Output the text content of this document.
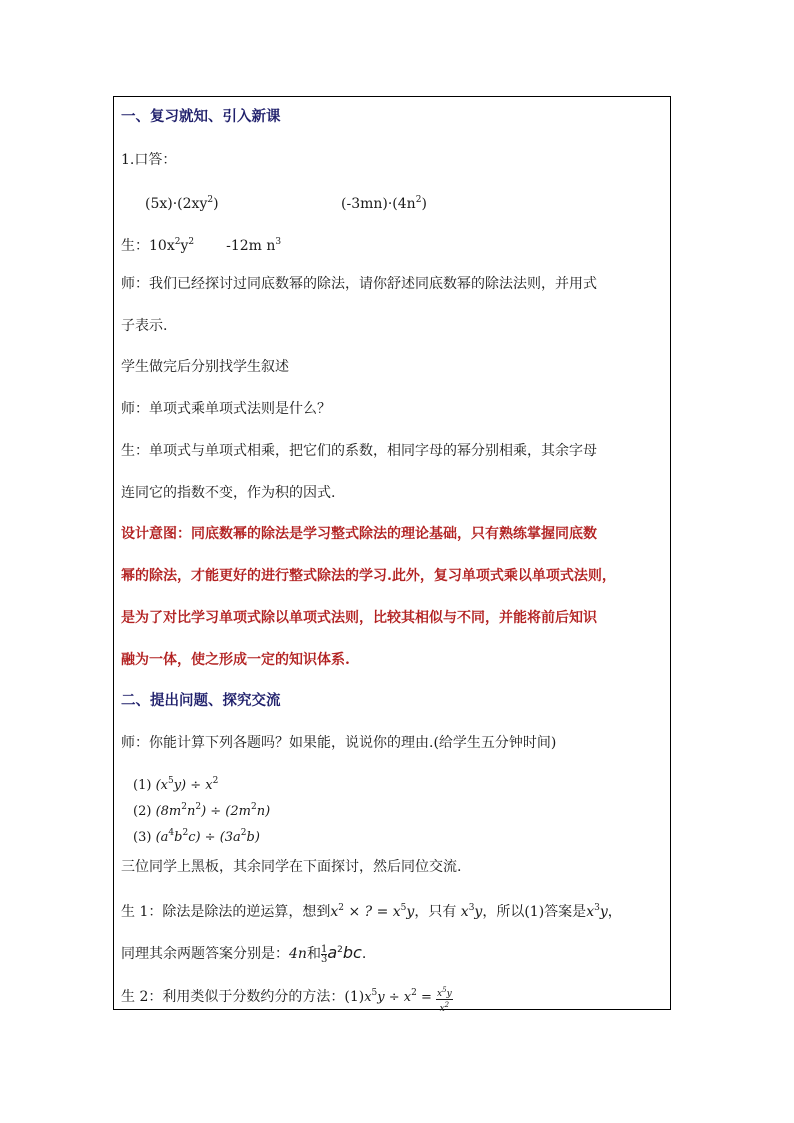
一、复习就知、引入新课
1.口答：
$(5x)\cdot(2xy^2)$	$(-3mn)\cdot(4n^2)$
生：$10x^2y^2$ -12m $n^3$
师：我们已经探讨过同底数幂的除法，请你舒述同底数幂的除法法则，并用式
子表示.
学生做完后分别找学生叙述
师：单项式乘单项式法则是什么？
生：单项式与单项式相乘，把它们的系数，相同字母的幂分别相乘，其余字母
连同它的指数不变，作为积的因式.
设计意图：同底数幂的除法是学习整式除法的理论基础，只有熟练掌握同底数
幂的除法，才能更好的进行整式除法的学习.此外，复习单项式乘以单项式法则，
是为了对比学习单项式除以单项式法则，比较其相似与不同，并能将前后知识
融为一体，使之形成一定的知识体系.
二、提出问题、探究交流
师：你能计算下列各题吗？如果能，说说你的理由.(给学生五分钟时间)
(1) $(x^5y) \div x^2$
(2) $(8m^2n^2) \div (2m^2n)$
(3) $(a^4b^2c) \div (3a^2b)$
三位同学上黑板，其余同学在下面探讨，然后同位交流.
生 1：除法是除法的逆运算，想到$x^2$ × ? = $x^5y$，只有 $x^3y$，所以(1)答案是$x^3y$，
同理其余两题答案分别是：4n和 $\frac{1}{3} a^2bc$.
生 2：利用类似于分数约分的方法：$(1)x^5y \div x^2 = \frac{x^5y}{x^2}$
